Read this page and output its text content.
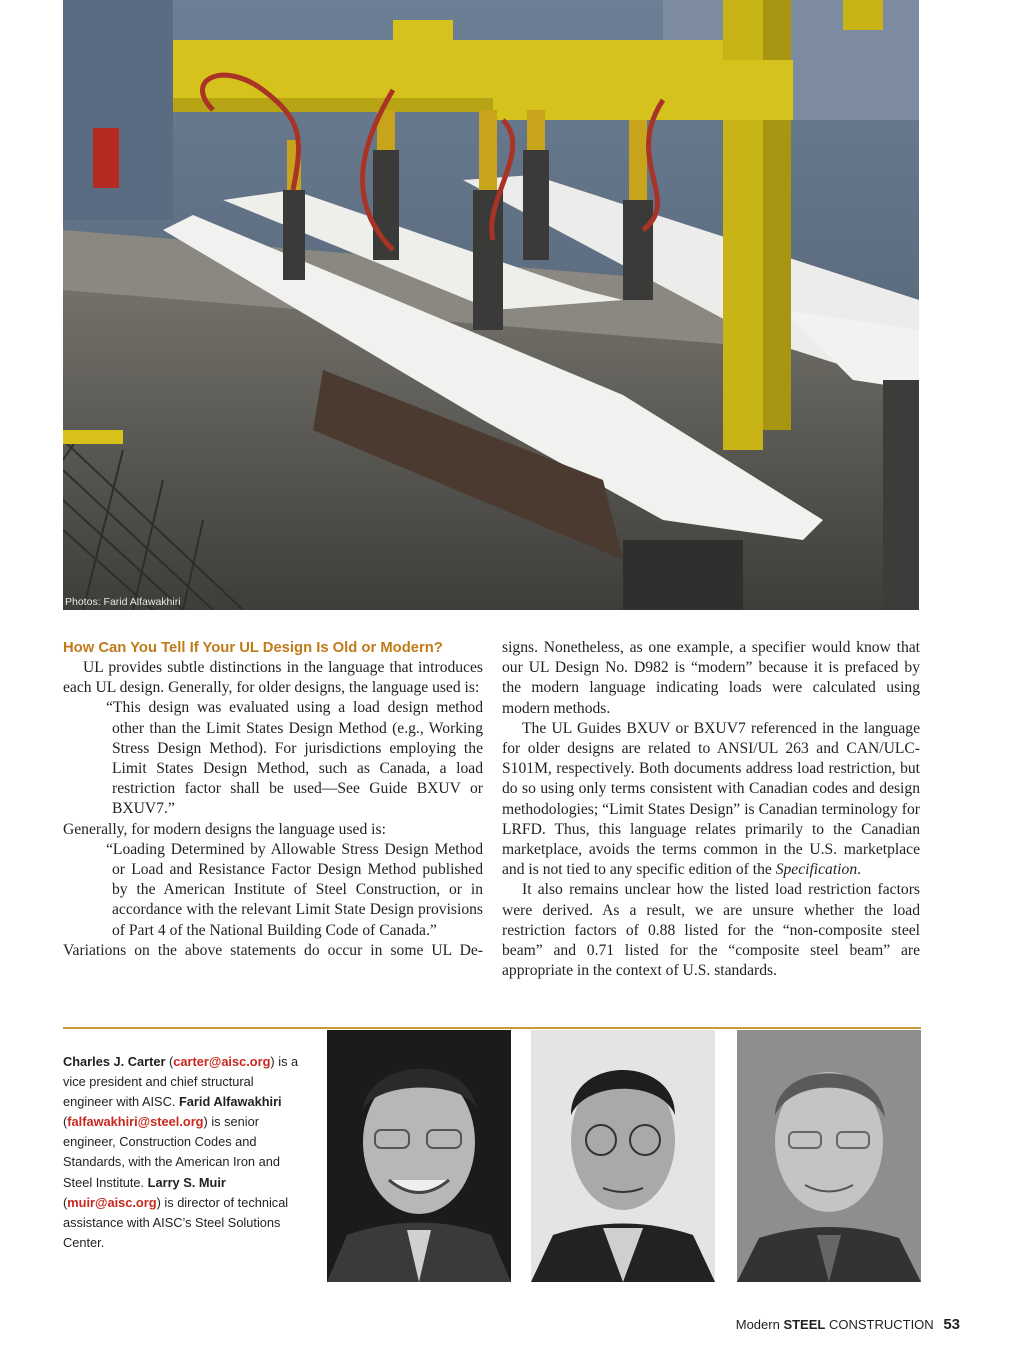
Photos: Farid Alfawakhiri
How Can You Tell If Your UL Design Is Old or Modern?

UL provides subtle distinctions in the language that introduces each UL design. Generally, for older designs, the language used is:

“This design was evaluated using a load design method other than the Limit States Design Method (e.g., Working Stress Design Method). For jurisdictions employing the Limit States Design Method, such as Canada, a load restriction factor shall be used—See Guide BXUV or BXUV7.”

Generally, for modern designs the language used is:

“Loading Determined by Allowable Stress Design Method or Load and Resistance Factor Design Method published by the American Institute of Steel Construction, or in accordance with the relevant Limit State Design provisions of Part 4 of the National Building Code of Canada.”

Variations on the above statements do occur in some UL De-

signs. Nonetheless, as one example, a specifier would know that our UL Design No. D982 is “modern” because it is prefaced by the modern language indicating loads were calculated using modern methods.

The UL Guides BXUV or BXUV7 referenced in the language for older designs are related to ANSI/UL 263 and CAN/ULC-S101M, respectively. Both documents address load restriction, but do so using only terms consistent with Canadian codes and design methodologies; “Limit States Design” is Canadian terminology for LRFD. Thus, this language relates primarily to the Canadian marketplace, avoids the terms common in the U.S. marketplace and is not tied to any specific edition of the Specification.

It also remains unclear how the listed load restriction factors were derived. As a result, we are unsure whether the load restriction factors of 0.88 listed for the “non-composite steel beam” and 0.71 listed for the “composite steel beam” are appropriate in the context of U.S. standards.

Charles J. Carter (carter@aisc.org) is a vice president and chief structural engineer with AISC. Farid Alfawakhiri (falfawakhiri@steel.org) is senior engineer, Construction Codes and Standards, with the American Iron and Steel Institute. Larry S. Muir (muir@aisc.org) is director of technical assistance with AISC’s Steel Solutions Center.
Modern STEEL CONSTRUCTION 53
